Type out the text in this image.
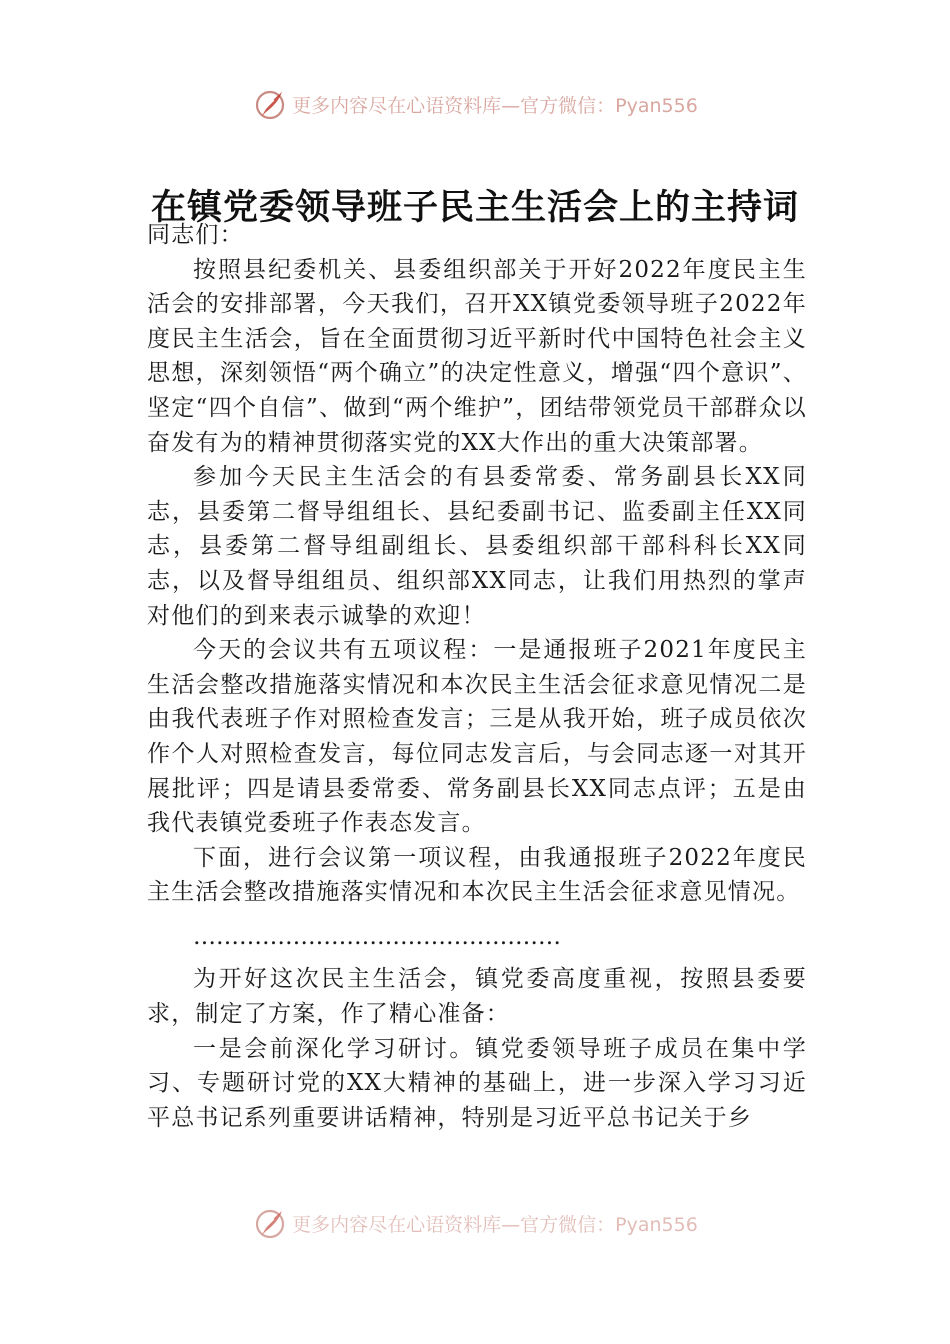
更多内容尽在心语资料库—官方微信：Pyan556
在镇党委领导班子民主生活会上的主持词

同志们：

按照县纪委机关、县委组织部关于开好2022年度民主生活会的安排部署，今天我们，召开XX镇党委领导班子2022年度民主生活会，旨在全面贯彻习近平新时代中国特色社会主义思想，深刻领悟“两个确立”的决定性意义，增强“四个意识”、坚定“四个自信”、做到“两个维护”，团结带领党员干部群众以奋发有为的精神贯彻落实党的XX大作出的重大决策部署。

参加今天民主生活会的有县委常委、常务副县长XX同志，县委第二督导组组长、县纪委副书记、监委副主任XX同志，县委第二督导组副组长、县委组织部干部科科长XX同志，以及督导组组员、组织部XX同志，让我们用热烈的掌声对他们的到来表示诚挚的欢迎！

今天的会议共有五项议程：一是通报班子2021年度民主生活会整改措施落实情况和本次民主生活会征求意见情况二是由我代表班子作对照检查发言；三是从我开始，班子成员依次作个人对照检查发言，每位同志发言后，与会同志逐一对其开展批评；四是请县委常委、常务副县长XX同志点评；五是由我代表镇党委班子作表态发言。

下面，进行会议第一项议程，由我通报班子2022年度民主生活会整改措施落实情况和本次民主生活会征求意见情况。

…………………………………………

为开好这次民主生活会，镇党委高度重视，按照县委要求，制定了方案，作了精心准备：

一是会前深化学习研讨。镇党委领导班子成员在集中学习、专题研讨党的XX大精神的基础上，进一步深入学习习近平总书记系列重要讲话精神，特别是习近平总书记关于乡

更多内容尽在心语资料库—官方微信：Pyan556
